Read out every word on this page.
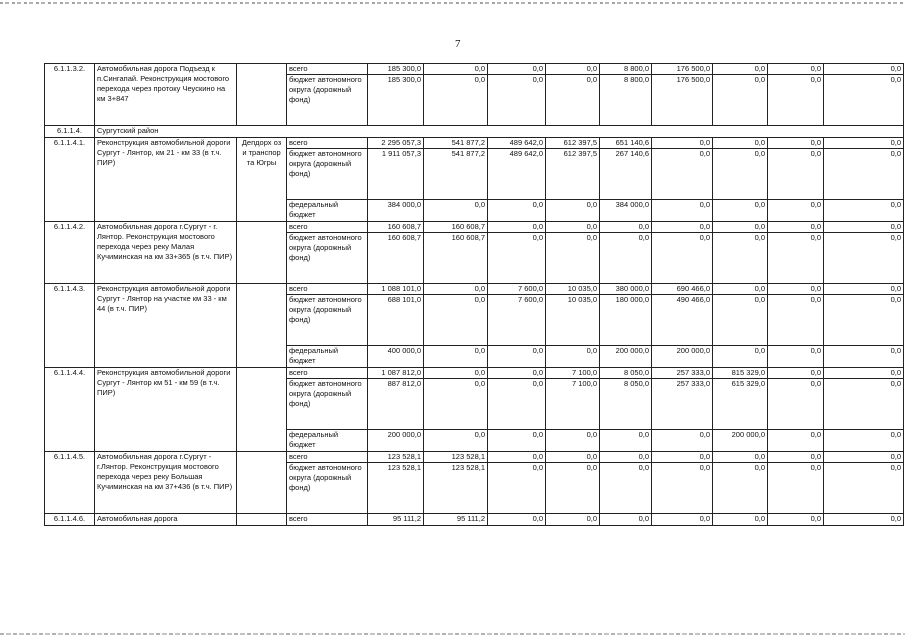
7
6.1.1.3.2.	Автомобильная дорога Подъезд к п.Сингапай. Реконструкция мостового перехода через протоку Чеускино на км 3+847		всего	185 300,0	0,0	0,0	0,0	8 800,0	176 500,0	0,0	0,0	0,0
			бюджет автономного округа (дорожный фонд)	185 300,0	0,0	0,0	0,0	8 800,0	176 500,0	0,0	0,0	0,0
6.1.1.4.	Сургутский район											
6.1.1.4.1.	Реконструкция автомобильной дороги Сургут - Лянтор, км 21 - км 33 (в т.ч. ПИР)	Депдорх оз и транспор та Югры	всего	2 295 057,3	541 877,2	489 642,0	612 397,5	651 140,6	0,0	0,0	0,0	0,0
			бюджет автономного округа (дорожный фонд)	1 911 057,3	541 877,2	489 642,0	612 397,5	267 140,6	0,0	0,0	0,0	0,0
			федеральный бюджет	384 000,0	0,0	0,0	0,0	384 000,0	0,0	0,0	0,0	0,0
6.1.1.4.2.	Автомобильная дорога г.Сургут - г. Лянтор. Реконструкция мостового перехода через реку Малая Кучиминская на км 33+365 (в т.ч. ПИР)		всего	160 608,7	160 608,7	0,0	0,0	0,0	0,0	0,0	0,0	0,0
			бюджет автономного округа (дорожный фонд)	160 608,7	160 608,7	0,0	0,0	0,0	0,0	0,0	0,0	0,0
6.1.1.4.3.	Реконструкция автомобильной дороги Сургут - Лянтор на участке км 33 - км 44 (в т.ч. ПИР)		всего	1 088 101,0	0,0	7 600,0	10 035,0	380 000,0	690 466,0	0,0	0,0	0,0
			бюджет автономного округа (дорожный фонд)	688 101,0	0,0	7 600,0	10 035,0	180 000,0	490 466,0	0,0	0,0	0,0
			федеральный бюджет	400 000,0	0,0	0,0	0,0	200 000,0	200 000,0	0,0	0,0	0,0
6.1.1.4.4.	Реконструкция автомобильной дороги Сургут - Лянтор км 51 - км 59 (в т.ч. ПИР)		всего	1 087 812,0	0,0	0,0	7 100,0	8 050,0	257 333,0	815 329,0	0,0	0,0
			бюджет автономного округа (дорожный фонд)	887 812,0	0,0	0,0	7 100,0	8 050,0	257 333,0	615 329,0	0,0	0,0
			федеральный бюджет	200 000,0	0,0	0,0	0,0	0,0	0,0	200 000,0	0,0	0,0
6.1.1.4.5.	Автомобильная дорога г.Сургут - г.Лянтор. Реконструкция мостового перехода через реку Большая Кучиминская на км 37+436 (в т.ч. ПИР)		всего	123 528,1	123 528,1	0,0	0,0	0,0	0,0	0,0	0,0	0,0
			бюджет автономного округа (дорожный фонд)	123 528,1	123 528,1	0,0	0,0	0,0	0,0	0,0	0,0	0,0
6.1.1.4.6.	Автомобильная дорога		всего	95 111,2	95 111,2	0,0	0,0	0,0	0,0	0,0	0,0	0,0
